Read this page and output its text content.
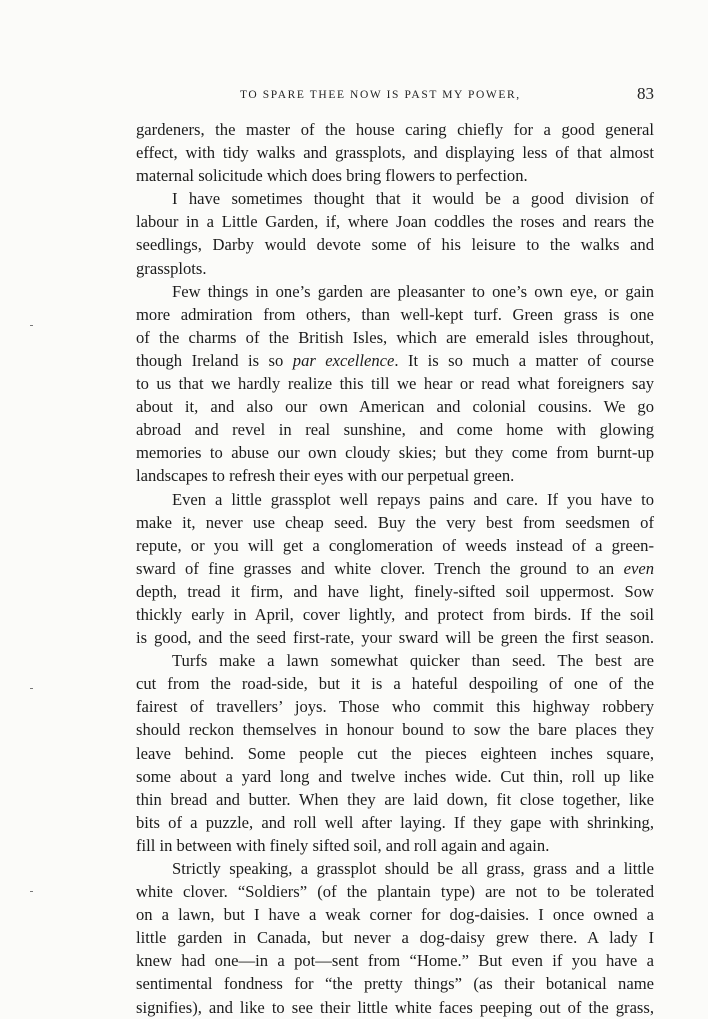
TO SPARE THEE NOW IS PAST MY POWER,	83
gardeners, the master of the house caring chiefly for a good general
effect, with tidy walks and grassplots, and displaying less of that almost
maternal solicitude which does bring flowers to perfection.
I have sometimes thought that it would be a good division of
labour in a Little Garden, if, where Joan coddles the roses and rears the
seedlings, Darby would devote some of his leisure to the walks and
grassplots.
Few things in one’s garden are pleasanter to one’s own eye, or gain
more admiration from others, than well-kept turf. Green grass is one
of the charms of the British Isles, which are emerald isles throughout,
though Ireland is so par excellence. It is so much a matter of course
to us that we hardly realize this till we hear or read what foreigners say
about it, and also our own American and colonial cousins. We go
abroad and revel in real sunshine, and come home with glowing
memories to abuse our own cloudy skies; but they come from burnt-up
landscapes to refresh their eyes with our perpetual green.
Even a little grassplot well repays pains and care. If you have to
make it, never use cheap seed. Buy the very best from seedsmen of
repute, or you will get a conglomeration of weeds instead of a green-
sward of fine grasses and white clover. Trench the ground to an even
depth, tread it firm, and have light, finely-sifted soil uppermost. Sow
thickly early in April, cover lightly, and protect from birds. If the soil
is good, and the seed first-rate, your sward will be green the first season.
Turfs make a lawn somewhat quicker than seed. The best are
cut from the road-side, but it is a hateful despoiling of one of the
fairest of travellers’ joys. Those who commit this highway robbery
should reckon themselves in honour bound to sow the bare places they
leave behind. Some people cut the pieces eighteen inches square,
some about a yard long and twelve inches wide. Cut thin, roll up like
thin bread and butter. When they are laid down, fit close together, like
bits of a puzzle, and roll well after laying. If they gape with shrinking,
fill in between with finely sifted soil, and roll again and again.
Strictly speaking, a grassplot should be all grass, grass and a little
white clover. “Soldiers” (of the plantain type) are not to be tolerated
on a lawn, but I have a weak corner for dog-daisies. I once owned a
little garden in Canada, but never a dog-daisy grew there. A lady I
knew had one—in a pot—sent from “Home.” But even if you have a
sentimental fondness for “the pretty things” (as their botanical name
signifies), and like to see their little white faces peeping out of the grass,
